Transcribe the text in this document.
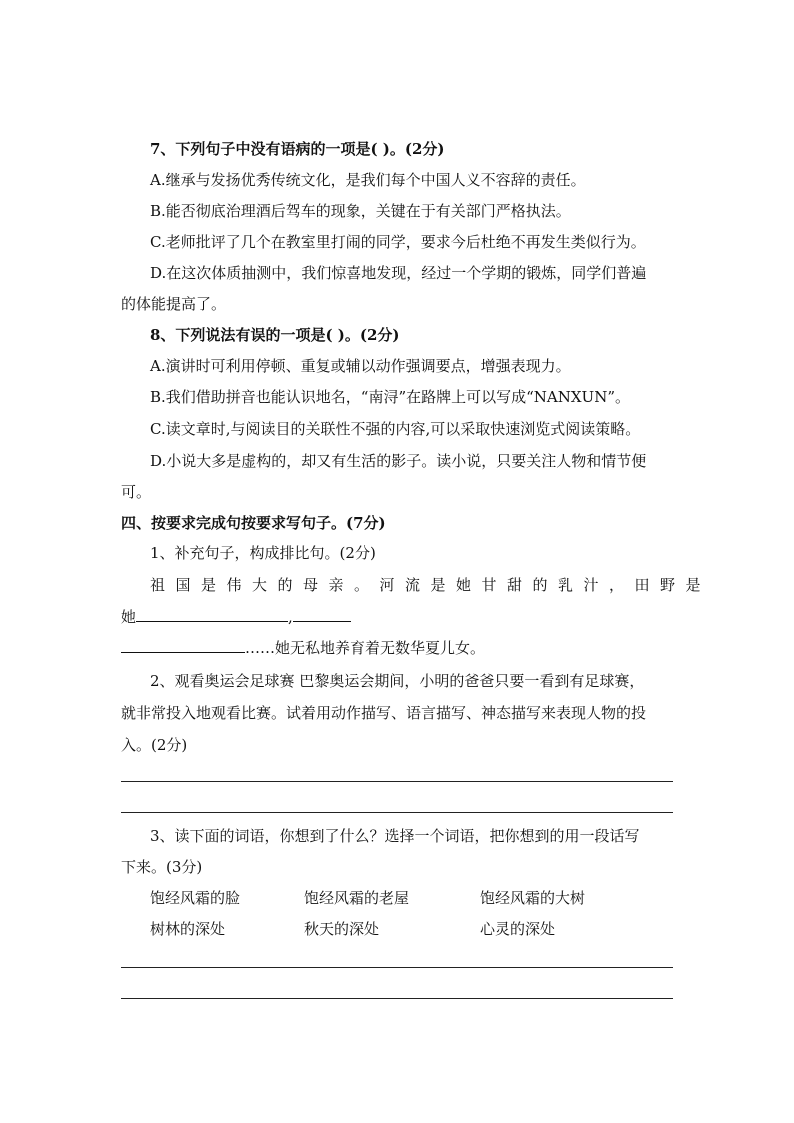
7、下列句子中没有语病的一项是( )。(2分)
A.继承与发扬优秀传统文化，是我们每个中国人义不容辞的责任。
B.能否彻底治理酒后驾车的现象，关键在于有关部门严格执法。
C.老师批评了几个在教室里打闹的同学，要求今后杜绝不再发生类似行为。
D.在这次体质抽测中，我们惊喜地发现，经过一个学期的锻炼，同学们普遍
的体能提高了。
8、下列说法有误的一项是( )。(2分)
A.演讲时可利用停顿、重复或辅以动作强调要点，增强表现力。
B.我们借助拼音也能认识地名，“南浔”在路牌上可以写成“NANXUN”。
C.读文章时,与阅读目的关联性不强的内容,可以采取快速浏览式阅读策略。
D.小说大多是虚构的，却又有生活的影子。读小说，只要关注人物和情节便
可。
四、按要求完成句按要求写句子。(7分)
1、补充句子，构成排比句。(2分)
祖国是伟大的母亲。河流是她甘甜的乳汁，田野是
她	,
……她无私地养育着无数华夏儿女。
2、观看奥运会足球赛 巴黎奥运会期间，小明的爸爸只要一看到有足球赛，
就非常投入地观看比赛。试着用动作描写、语言描写、神态描写来表现人物的投
入。(2分)
3、读下面的词语，你想到了什么？选择一个词语，把你想到的用一段话写
下来。(3分)
饱经风霜的脸	饱经风霜的老屋	饱经风霜的大树
树林的深处	秋天的深处	心灵的深处
